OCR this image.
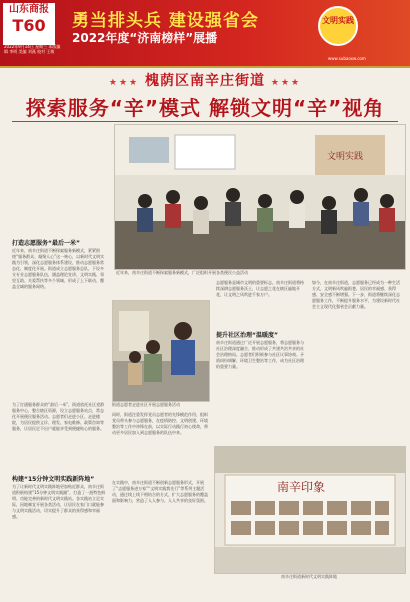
山东商报
T60
2022年9月14日 星期三 本版编辑 李明 美编 刘燕 校对 王敏
勇当排头兵 建设强省会
2022年度“济南榜样”展播
文明实践
www.subaoxw.com
★★★ 槐荫区南辛庄街道 ★★★
探索服务“辛”模式 解锁文明“辛”视角
打造志愿服务“最后一米”
近年来，南辛庄街道不断探索服务新模式，紧紧围绕“服务群众、凝聚人心”这一核心，以新时代文明实践为引领，深化志愿服务体系建设，推动志愿服务常态化、制度化开展。街道成立志愿服务总队，下设多支专业志愿服务队伍，涵盖理论宣讲、文明实践、邻里互助、关爱帮扶等多个领域，形成了上下联动、覆盖全域的服务网络。
为了打通服务群众的“最后一米”，街道依托社区党群服务中心，整合辖区资源，设立志愿服务站点，常态化开展便民服务活动。志愿者们走进小区、走进楼院，为居民提供义诊、理发、家电维修、政策咨询等服务，让居民足不出户就能享受到便捷贴心的服务。
构建“15分钟文明实践新阵地”
为了让新时代文明实践阵地更加贴近群众，南辛庄街道积极构建“15分钟文明实践圈”，打造了一批特色鲜明、功能完善的新时代文明实践站。各实践站立足实际，因地制宜开展各类活动，让居民在家门口就能参与文明实践活动，切实提升了群众的获得感和幸福感。
街道志愿者走进社区开展志愿服务活动
同时，街道注重发挥党员志愿者的先锋模范作用，组织党员带头参与志愿服务，在疫情防控、文明创建、环境整治等工作中冲锋在前，以实际行动践行初心使命，带动更多居民加入到志愿服务的队伍中来。
在实践中，南辛庄街道不断创新志愿服务形式，开展了“志愿服务进万家”“文明实践我先行”等系列主题活动，通过线上线下相结合的方式，扩大志愿服务的覆盖面和影响力，营造了人人参与、人人共享的良好氛围。
文明实践
近年来，南辛庄街道不断探索服务新模式，广泛组织开展各类便民公益活动
志愿服务是城市文明的重要标志。南辛庄街道将持续深耕志愿服务沃土，让志愿之花在辖区遍地开花，让文明之风吹进千家万户。
提升社区治理“温暖度”
南辛庄街道通过广泛开展志愿服务，将志愿服务与社区治理深度融合，推动形成了共建共治共享的社会治理格局。志愿者们积极参与社区议事协商、矛盾纠纷调解、环境卫生整治等工作，成为社区治理的重要力量。
如今，在南辛庄街道，志愿服务已经成为一种生活方式，文明新风吹遍街巷，居民的幸福感、获得感、安全感不断增强。下一步，街道将继续深化志愿服务工作，不断提升服务水平，为建设新时代社会主义现代化强省会贡献力量。
南辛印象
南辛庄街道新时代文明实践阵地
